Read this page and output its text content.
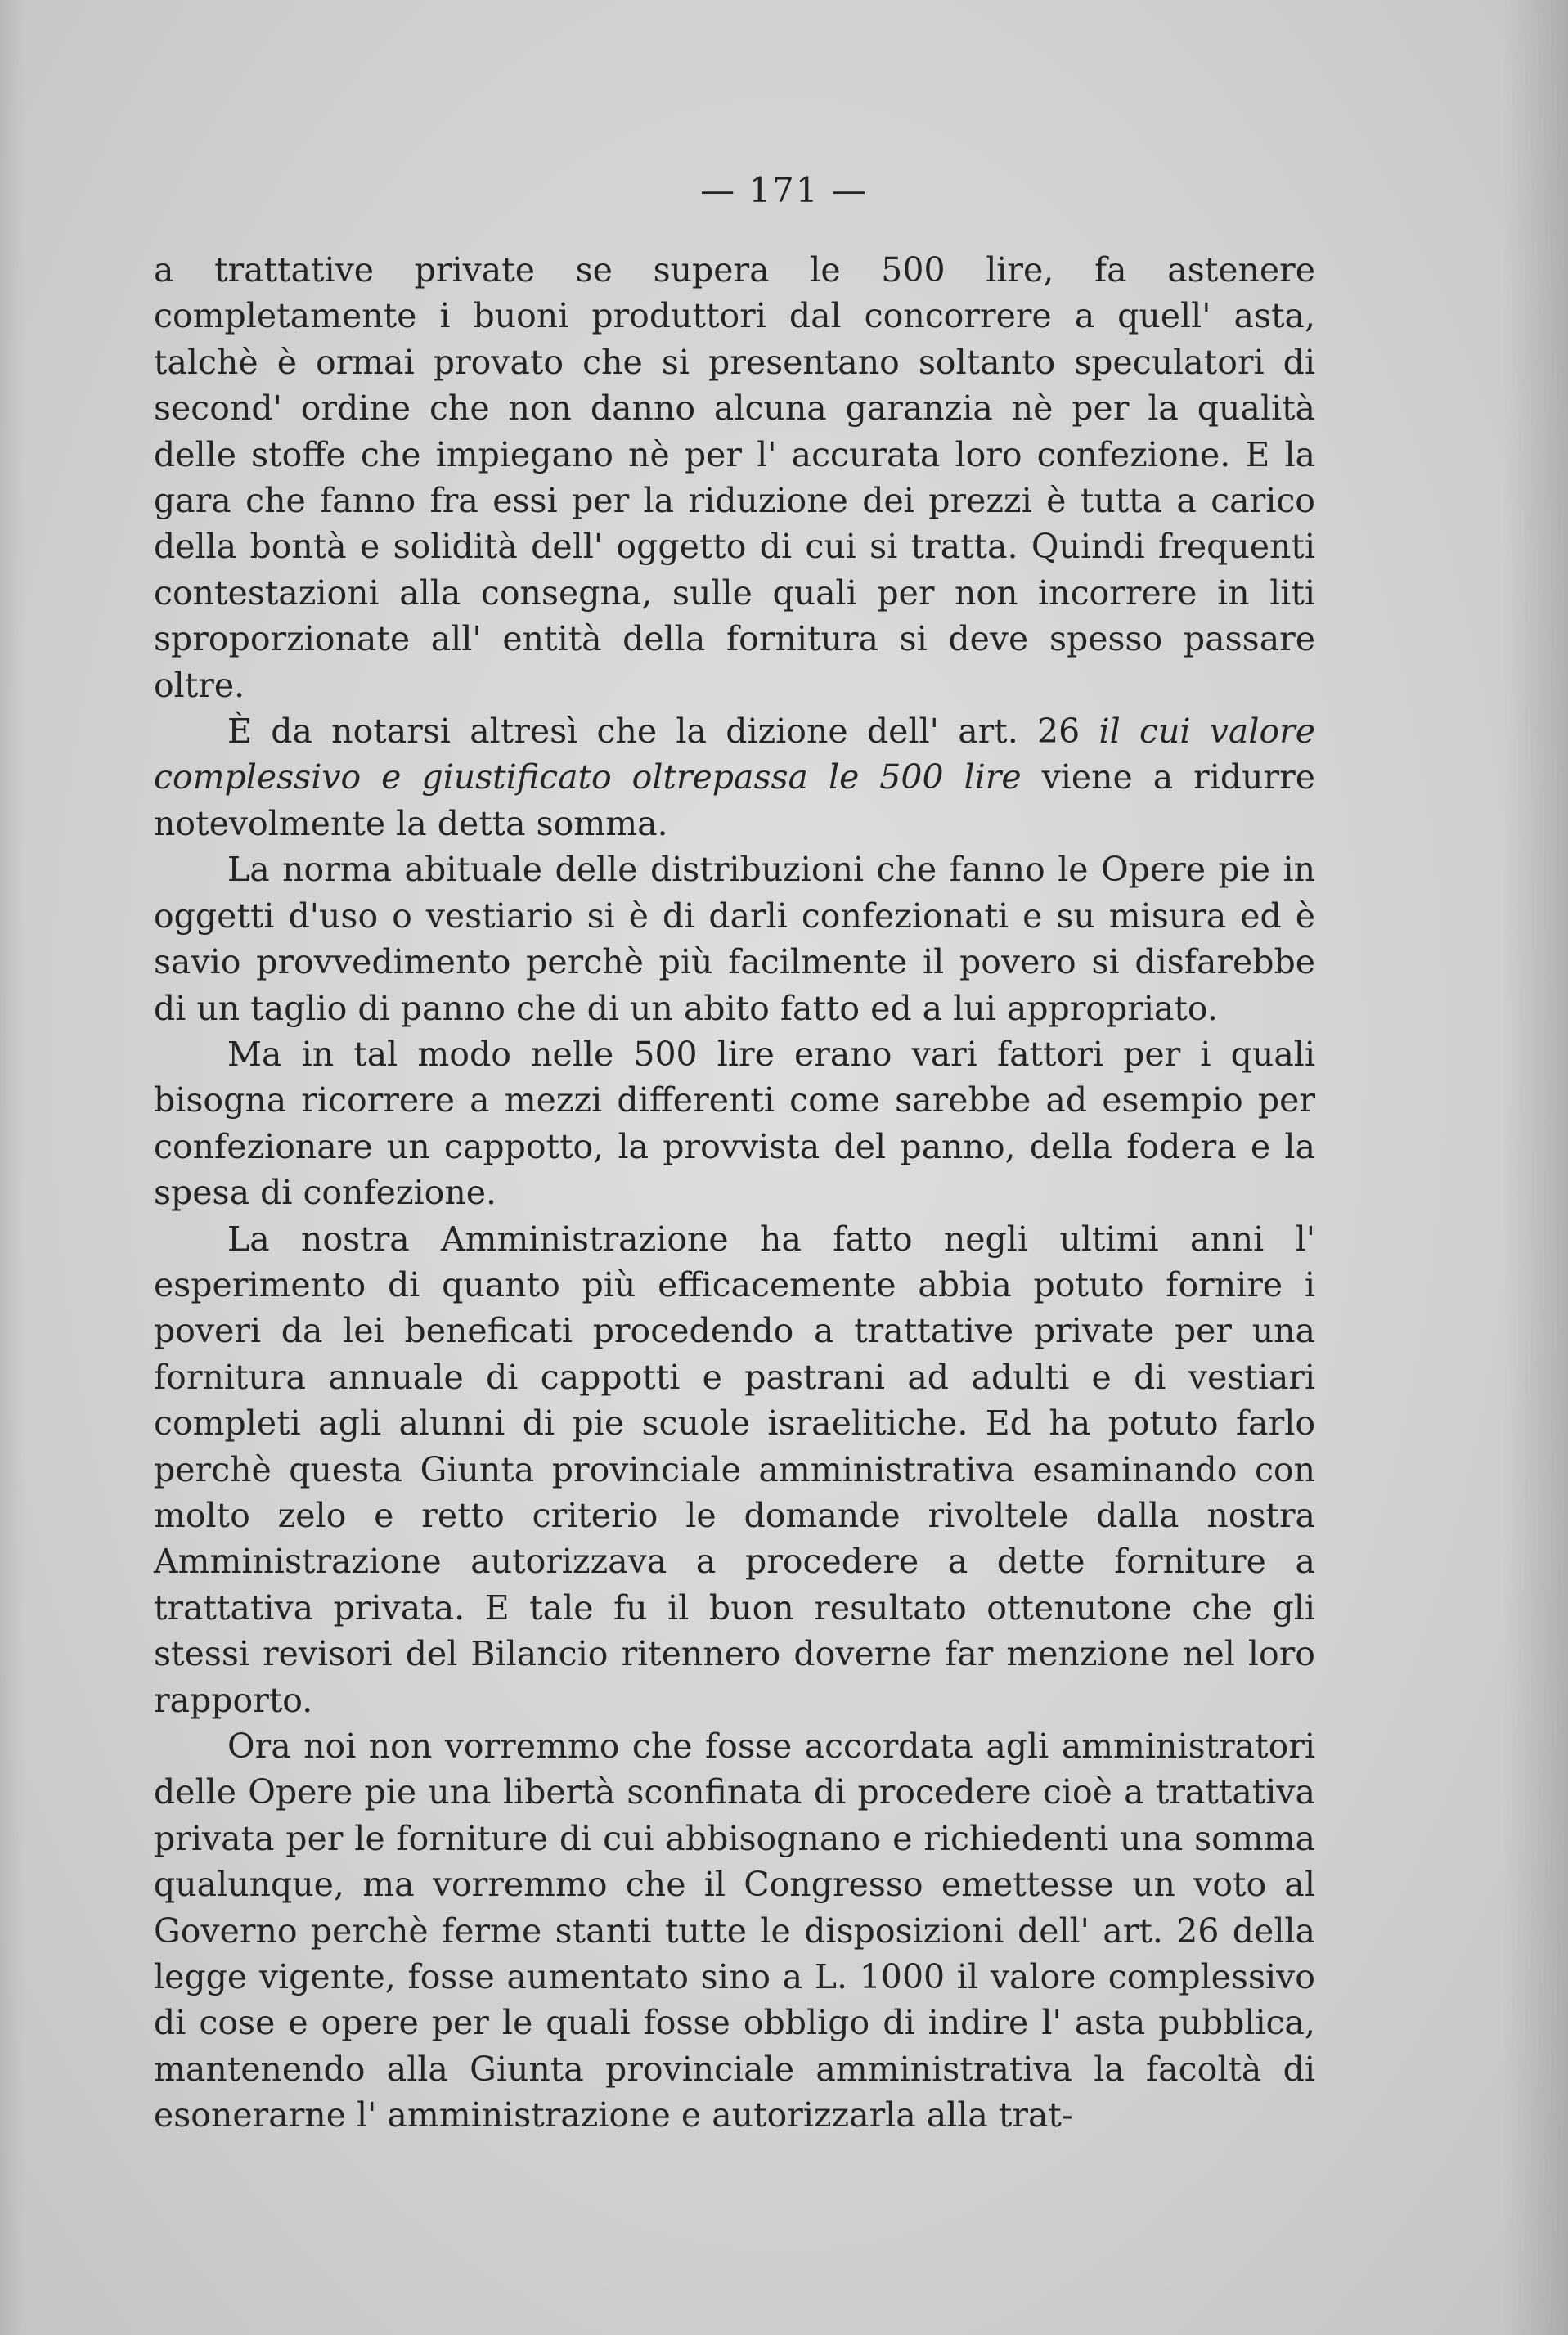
— 171 —

a trattative private se supera le 500 lire, fa astenere completamente i buoni produttori dal concorrere a quell' asta, talchè è ormai provato che si presentano soltanto speculatori di second' ordine che non danno alcuna garanzia nè per la qualità delle stoffe che impiegano nè per l' accurata loro confezione. E la gara che fanno fra essi per la riduzione dei prezzi è tutta a carico della bontà e solidità dell' oggetto di cui si tratta. Quindi frequenti contestazioni alla consegna, sulle quali per non incorrere in liti sproporzionate all' entità della fornitura si deve spesso passare oltre.

È da notarsi altresì che la dizione dell' art. 26 il cui valore complessivo e giustificato oltrepassa le 500 lire viene a ridurre notevolmente la detta somma.

La norma abituale delle distribuzioni che fanno le Opere pie in oggetti d'uso o vestiario si è di darli confezionati e su misura ed è savio provvedimento perchè più facilmente il povero si disfarebbe di un taglio di panno che di un abito fatto ed a lui appropriato.

Ma in tal modo nelle 500 lire erano vari fattori per i quali bisogna ricorrere a mezzi differenti come sarebbe ad esempio per confezionare un cappotto, la provvista del panno, della fodera e la spesa di confezione.

La nostra Amministrazione ha fatto negli ultimi anni l' esperimento di quanto più efficacemente abbia potuto fornire i poveri da lei beneficati procedendo a trattative private per una fornitura annuale di cappotti e pastrani ad adulti e di vestiari completi agli alunni di pie scuole israelitiche. Ed ha potuto farlo perchè questa Giunta provinciale amministrativa esaminando con molto zelo e retto criterio le domande rivoltele dalla nostra Amministrazione autorizzava a procedere a dette forniture a trattativa privata. E tale fu il buon resultato ottenutone che gli stessi revisori del Bilancio ritennero doverne far menzione nel loro rapporto.

Ora noi non vorremmo che fosse accordata agli amministratori delle Opere pie una libertà sconfinata di procedere cioè a trattativa privata per le forniture di cui abbisognano e richiedenti una somma qualunque, ma vorremmo che il Congresso emettesse un voto al Governo perchè ferme stanti tutte le disposizioni dell' art. 26 della legge vigente, fosse aumentato sino a L. 1000 il valore complessivo di cose e opere per le quali fosse obbligo di indire l' asta pubblica, mantenendo alla Giunta provinciale amministrativa la facoltà di esonerarne l' amministrazione e autorizzarla alla trat-
